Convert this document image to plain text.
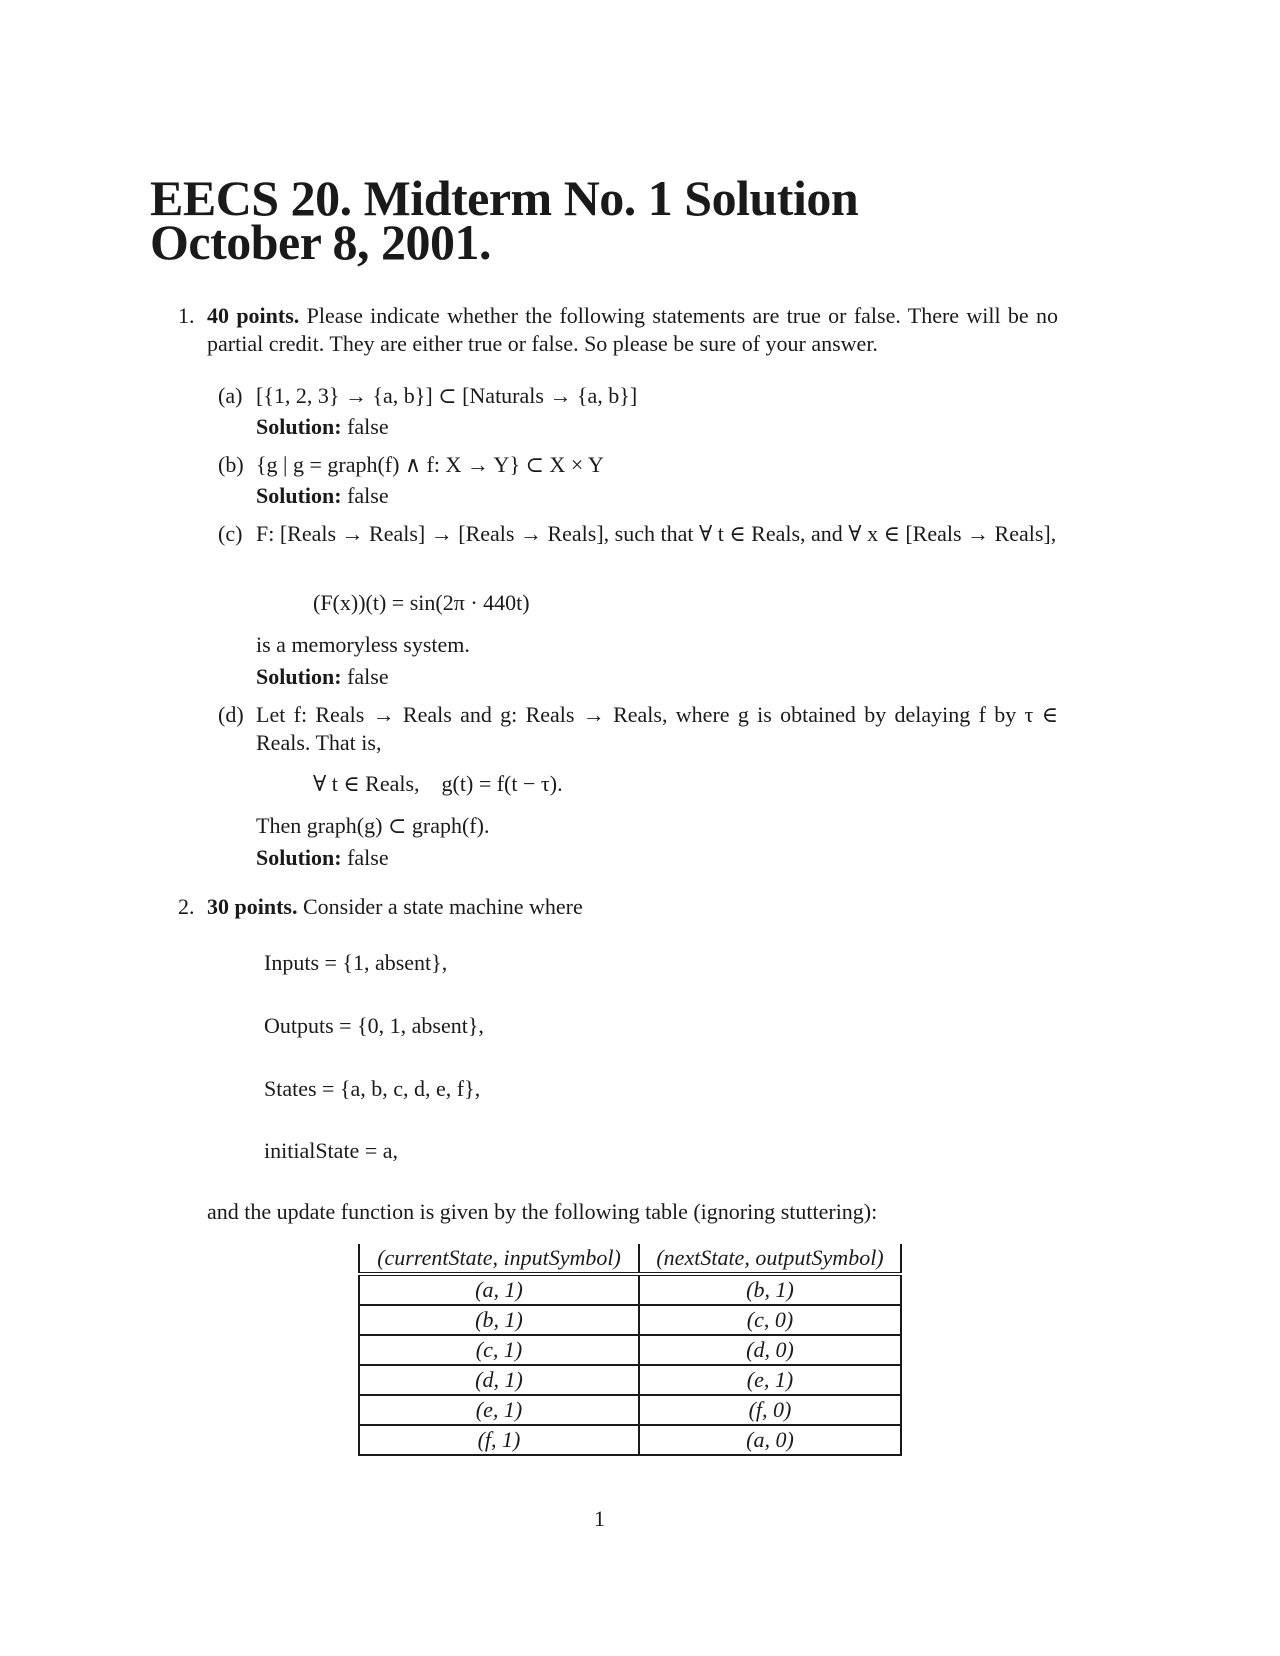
EECS 20. Midterm No. 1 Solution
October 8, 2001.
1. 40 points. Please indicate whether the following statements are true or false. There will be no partial credit. They are either true or false. So please be sure of your answer.
(a) [{1, 2, 3} → {a, b}] ⊂ [Naturals → {a, b}]
Solution: false
(b) {g | g = graph(f) ∧ f: X → Y} ⊂ X × Y
Solution: false
(c) F: [Reals → Reals] → [Reals → Reals], such that ∀ t ∈ Reals, and ∀ x ∈ [Reals → Reals],
(F(x))(t) = sin(2π · 440t)
is a memoryless system.
Solution: false
(d) Let f: Reals → Reals and g: Reals → Reals, where g is obtained by delaying f by τ ∈ Reals. That is,
∀ t ∈ Reals,    g(t) = f(t − τ).
Then graph(g) ⊂ graph(f).
Solution: false
2. 30 points. Consider a state machine where
Inputs = {1, absent},
Outputs = {0, 1, absent},
States = {a, b, c, d, e, f},
initialState = a,
and the update function is given by the following table (ignoring stuttering):
(currentState, inputSymbol)	(nextState, outputSymbol)
(a, 1)	(b, 1)
(b, 1)	(c, 0)
(c, 1)	(d, 0)
(d, 1)	(e, 1)
(e, 1)	(f, 0)
(f, 1)	(a, 0)
1
